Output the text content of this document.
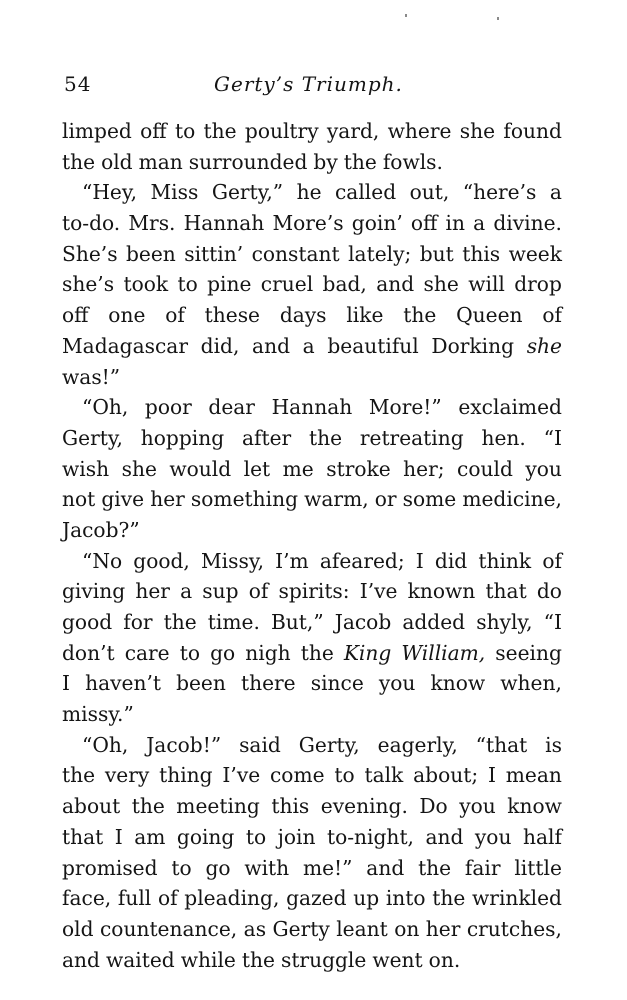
54	Gerty’s Triumph.
limped off to the poultry yard, where she found
the old man surrounded by the fowls.
“Hey, Miss Gerty,” he called out, “here’s a
to-do. Mrs. Hannah More’s goin’ off in a divine.
She’s been sittin’ constant lately; but this week
she’s took to pine cruel bad, and she will drop
off one of these days like the Queen of
Madagascar did, and a beautiful Dorking she
was!”
“Oh, poor dear Hannah More!” exclaimed
Gerty, hopping after the retreating hen. “I
wish she would let me stroke her; could you
not give her something warm, or some medicine,
Jacob?”
“No good, Missy, I’m afeared; I did think of
giving her a sup of spirits: I’ve known that do
good for the time. But,” Jacob added shyly, “I
don’t care to go nigh the King William, seeing
I haven’t been there since you know when,
missy.”
“Oh, Jacob!” said Gerty, eagerly, “that is
the very thing I’ve come to talk about; I mean
about the meeting this evening. Do you know
that I am going to join to-night, and you half
promised to go with me!” and the fair little
face, full of pleading, gazed up into the wrinkled
old countenance, as Gerty leant on her crutches,
and waited while the struggle went on.
